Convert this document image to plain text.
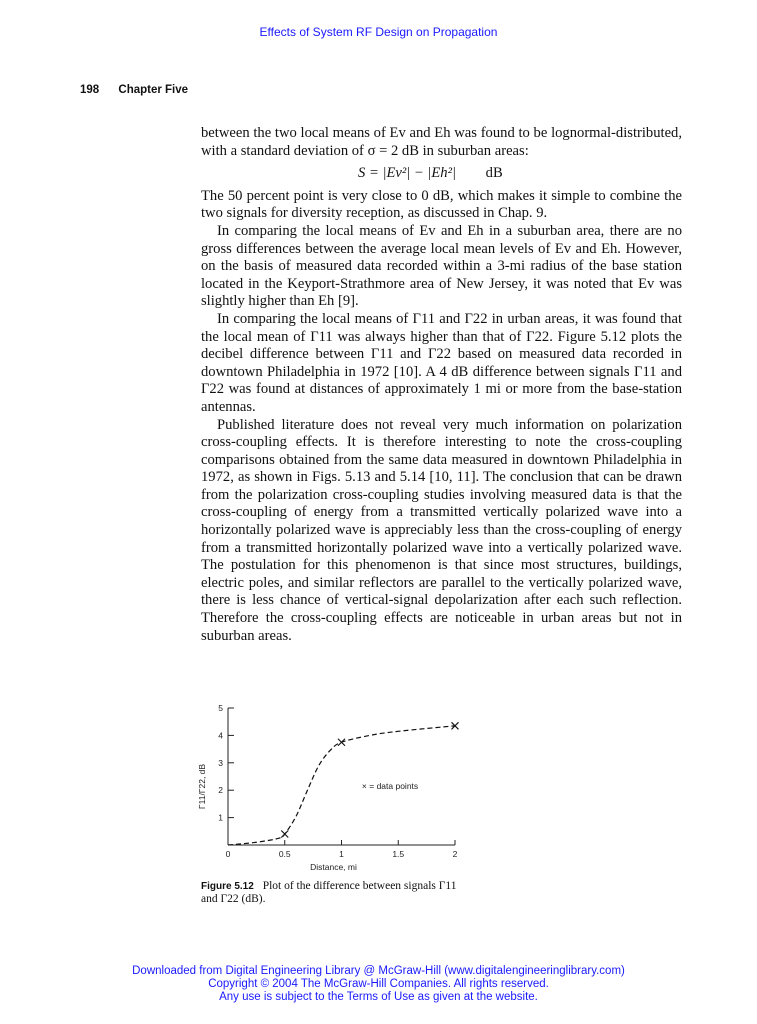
Effects of System RF Design on Propagation
198 Chapter Five

between the two local means of Ev and Eh was found to be lognormal-distributed, with a standard deviation of σ = 2 dB in suburban areas:

S = |Ev²| − |Eh²| dB

The 50 percent point is very close to 0 dB, which makes it simple to combine the two signals for diversity reception, as discussed in Chap. 9.

In comparing the local means of Ev and Eh in a suburban area, there are no gross differences between the average local mean levels of Ev and Eh. However, on the basis of measured data recorded within a 3-mi radius of the base station located in the Keyport-Strathmore area of New Jersey, it was noted that Ev was slightly higher than Eh [9].

In comparing the local means of Γ11 and Γ22 in urban areas, it was found that the local mean of Γ11 was always higher than that of Γ22. Figure 5.12 plots the decibel difference between Γ11 and Γ22 based on measured data recorded in downtown Philadelphia in 1972 [10]. A 4 dB difference between signals Γ11 and Γ22 was found at distances of approximately 1 mi or more from the base-station antennas.

Published literature does not reveal very much information on polarization cross-coupling effects. It is therefore interesting to note the cross-coupling comparisons obtained from the same data measured in downtown Philadelphia in 1972, as shown in Figs. 5.13 and 5.14 [10, 11]. The conclusion that can be drawn from the polarization cross-coupling studies involving measured data is that the cross-coupling of energy from a transmitted vertically polarized wave into a horizontally polarized wave is appreciably less than the cross-coupling of energy from a transmitted horizontally polarized wave into a vertically polarized wave. The postulation for this phenomenon is that since most structures, buildings, electric poles, and similar reflectors are parallel to the vertically polarized wave, there is less chance of vertical-signal depolarization after each such reflection. Therefore the cross-coupling effects are noticeable in urban areas but not in suburban areas.

0	0.5	1	1.5	2
1
2
3
4
5
Distance, mi
Γ11/Γ22, dB	× = data points
Figure 5.12 Plot of the difference between signals Γ11 and Γ22 (dB).
Downloaded from Digital Engineering Library @ McGraw-Hill (www.digitalengineeringlibrary.com)
Copyright © 2004 The McGraw-Hill Companies. All rights reserved.
Any use is subject to the Terms of Use as given at the website.
